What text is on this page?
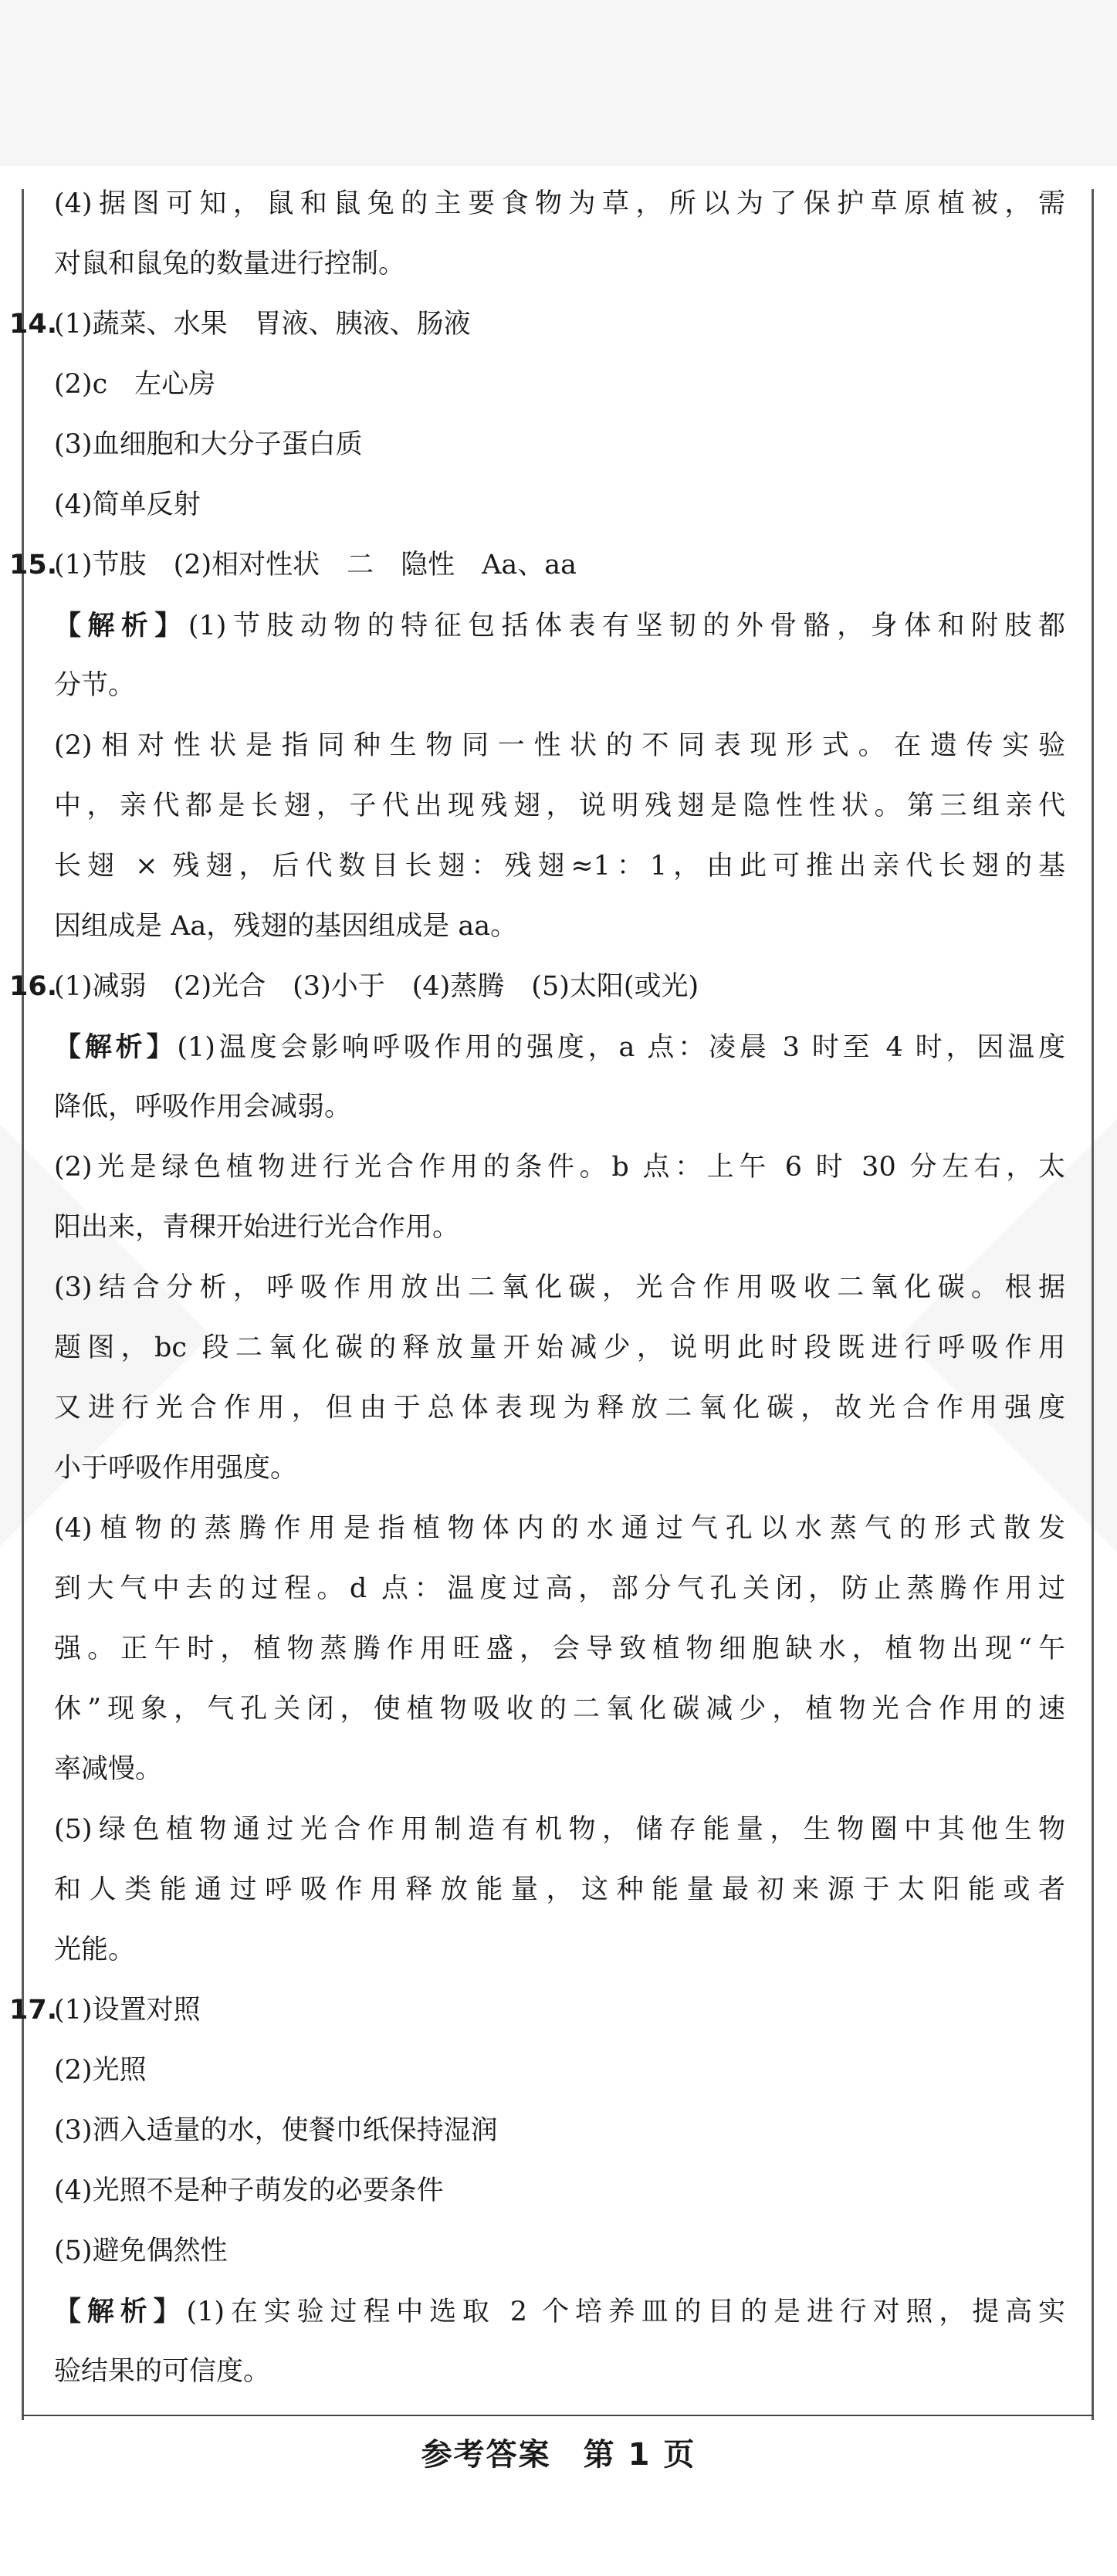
(4)据图可知，鼠和鼠兔的主要食物为草，所以为了保护草原植被，需
对鼠和鼠兔的数量进行控制。
14.
(1)蔬菜、水果　胃液、胰液、肠液
(2)c　左心房
(3)血细胞和大分子蛋白质
(4)简单反射
15.
(1)节肢　(2)相对性状　二　隐性　Aa、aa
【解析】(1)节肢动物的特征包括体表有坚韧的外骨骼，身体和附肢都
分节。
(2)相对性状是指同种生物同一性状的不同表现形式。在遗传实验
中，亲代都是长翅，子代出现残翅，说明残翅是隐性性状。第三组亲代
长翅 × 残翅，后代数目长翅：残翅≈1：1，由此可推出亲代长翅的基
因组成是 Aa，残翅的基因组成是 aa。
16.
(1)减弱　(2)光合　(3)小于　(4)蒸腾　(5)太阳(或光)
【解析】(1)温度会影响呼吸作用的强度，a 点：凌晨 3 时至 4 时，因温度
降低，呼吸作用会减弱。
(2)光是绿色植物进行光合作用的条件。b 点：上午 6 时 30 分左右，太
阳出来，青稞开始进行光合作用。
(3)结合分析，呼吸作用放出二氧化碳，光合作用吸收二氧化碳。根据
题图，bc 段二氧化碳的释放量开始减少，说明此时段既进行呼吸作用
又进行光合作用，但由于总体表现为释放二氧化碳，故光合作用强度
小于呼吸作用强度。
(4)植物的蒸腾作用是指植物体内的水通过气孔以水蒸气的形式散发
到大气中去的过程。d 点：温度过高，部分气孔关闭，防止蒸腾作用过
强。正午时，植物蒸腾作用旺盛，会导致植物细胞缺水，植物出现“午
休”现象，气孔关闭，使植物吸收的二氧化碳减少，植物光合作用的速
率减慢。
(5)绿色植物通过光合作用制造有机物，储存能量，生物圈中其他生物
和人类能通过呼吸作用释放能量，这种能量最初来源于太阳能或者
光能。
17.
(1)设置对照
(2)光照
(3)洒入适量的水，使餐巾纸保持湿润
(4)光照不是种子萌发的必要条件
(5)避免偶然性
【解析】(1)在实验过程中选取 2 个培养皿的目的是进行对照，提高实
验结果的可信度。
参考答案　第 1 页
